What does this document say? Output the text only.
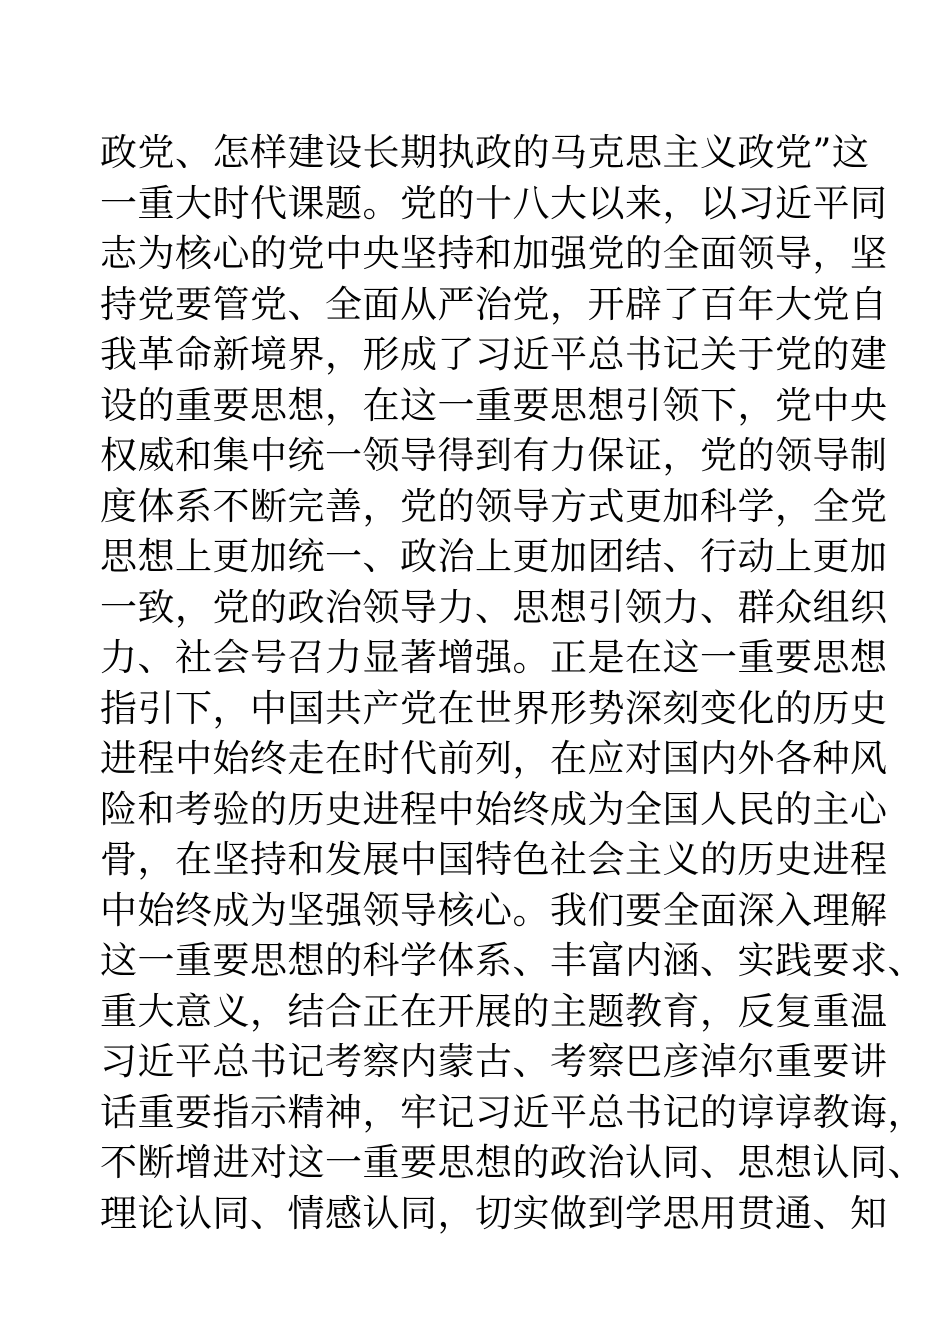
政党、怎样建设长期执政的马克思主义政党”这
一重大时代课题。党的十八大以来，以习近平同
志为核心的党中央坚持和加强党的全面领导，坚
持党要管党、全面从严治党，开辟了百年大党自
我革命新境界，形成了习近平总书记关于党的建
设的重要思想，在这一重要思想引领下，党中央
权威和集中统一领导得到有力保证，党的领导制
度体系不断完善，党的领导方式更加科学，全党
思想上更加统一、政治上更加团结、行动上更加
一致，党的政治领导力、思想引领力、群众组织
力、社会号召力显著增强。正是在这一重要思想
指引下，中国共产党在世界形势深刻变化的历史
进程中始终走在时代前列，在应对国内外各种风
险和考验的历史进程中始终成为全国人民的主心
骨，在坚持和发展中国特色社会主义的历史进程
中始终成为坚强领导核心。我们要全面深入理解
这一重要思想的科学体系、丰富内涵、实践要求、
重大意义，结合正在开展的主题教育，反复重温
习近平总书记考察内蒙古、考察巴彦淖尔重要讲
话重要指示精神，牢记习近平总书记的谆谆教诲，
不断增进对这一重要思想的政治认同、思想认同、
理论认同、情感认同，切实做到学思用贯通、知
